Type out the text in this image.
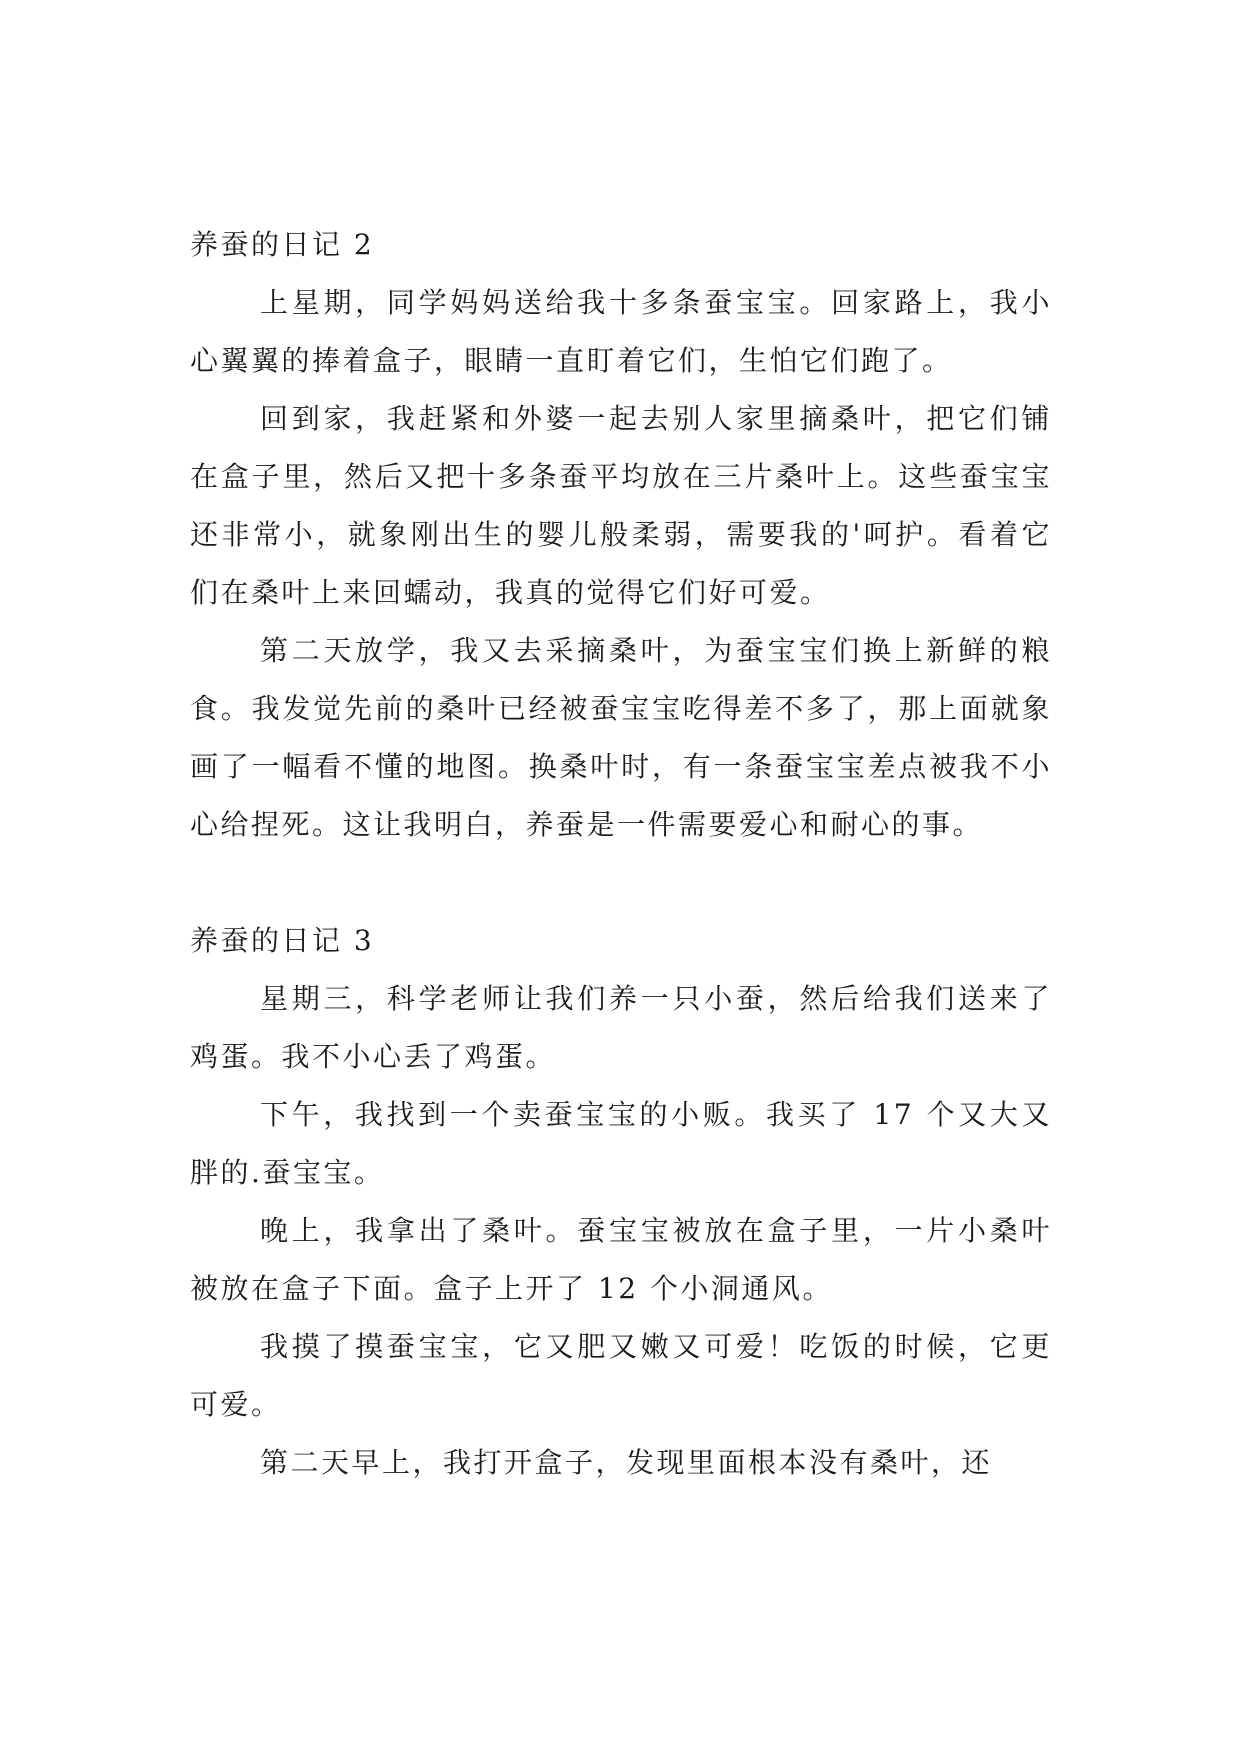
养蚕的日记 2

上星期，同学妈妈送给我十多条蚕宝宝。回家路上，我小心翼翼的捧着盒子，眼睛一直盯着它们，生怕它们跑了。

回到家，我赶紧和外婆一起去别人家里摘桑叶，把它们铺在盒子里，然后又把十多条蚕平均放在三片桑叶上。这些蚕宝宝还非常小，就象刚出生的婴儿般柔弱，需要我的'呵护。看着它们在桑叶上来回蠕动，我真的觉得它们好可爱。

第二天放学，我又去采摘桑叶，为蚕宝宝们换上新鲜的粮食。我发觉先前的桑叶已经被蚕宝宝吃得差不多了，那上面就象画了一幅看不懂的地图。换桑叶时，有一条蚕宝宝差点被我不小心给捏死。这让我明白，养蚕是一件需要爱心和耐心的事。

养蚕的日记 3

星期三，科学老师让我们养一只小蚕，然后给我们送来了鸡蛋。我不小心丢了鸡蛋。

下午，我找到一个卖蚕宝宝的小贩。我买了 17 个又大又胖的.蚕宝宝。

晚上，我拿出了桑叶。蚕宝宝被放在盒子里，一片小桑叶被放在盒子下面。盒子上开了 12 个小洞通风。

我摸了摸蚕宝宝，它又肥又嫩又可爱！吃饭的时候，它更可爱。

第二天早上，我打开盒子，发现里面根本没有桑叶，还
